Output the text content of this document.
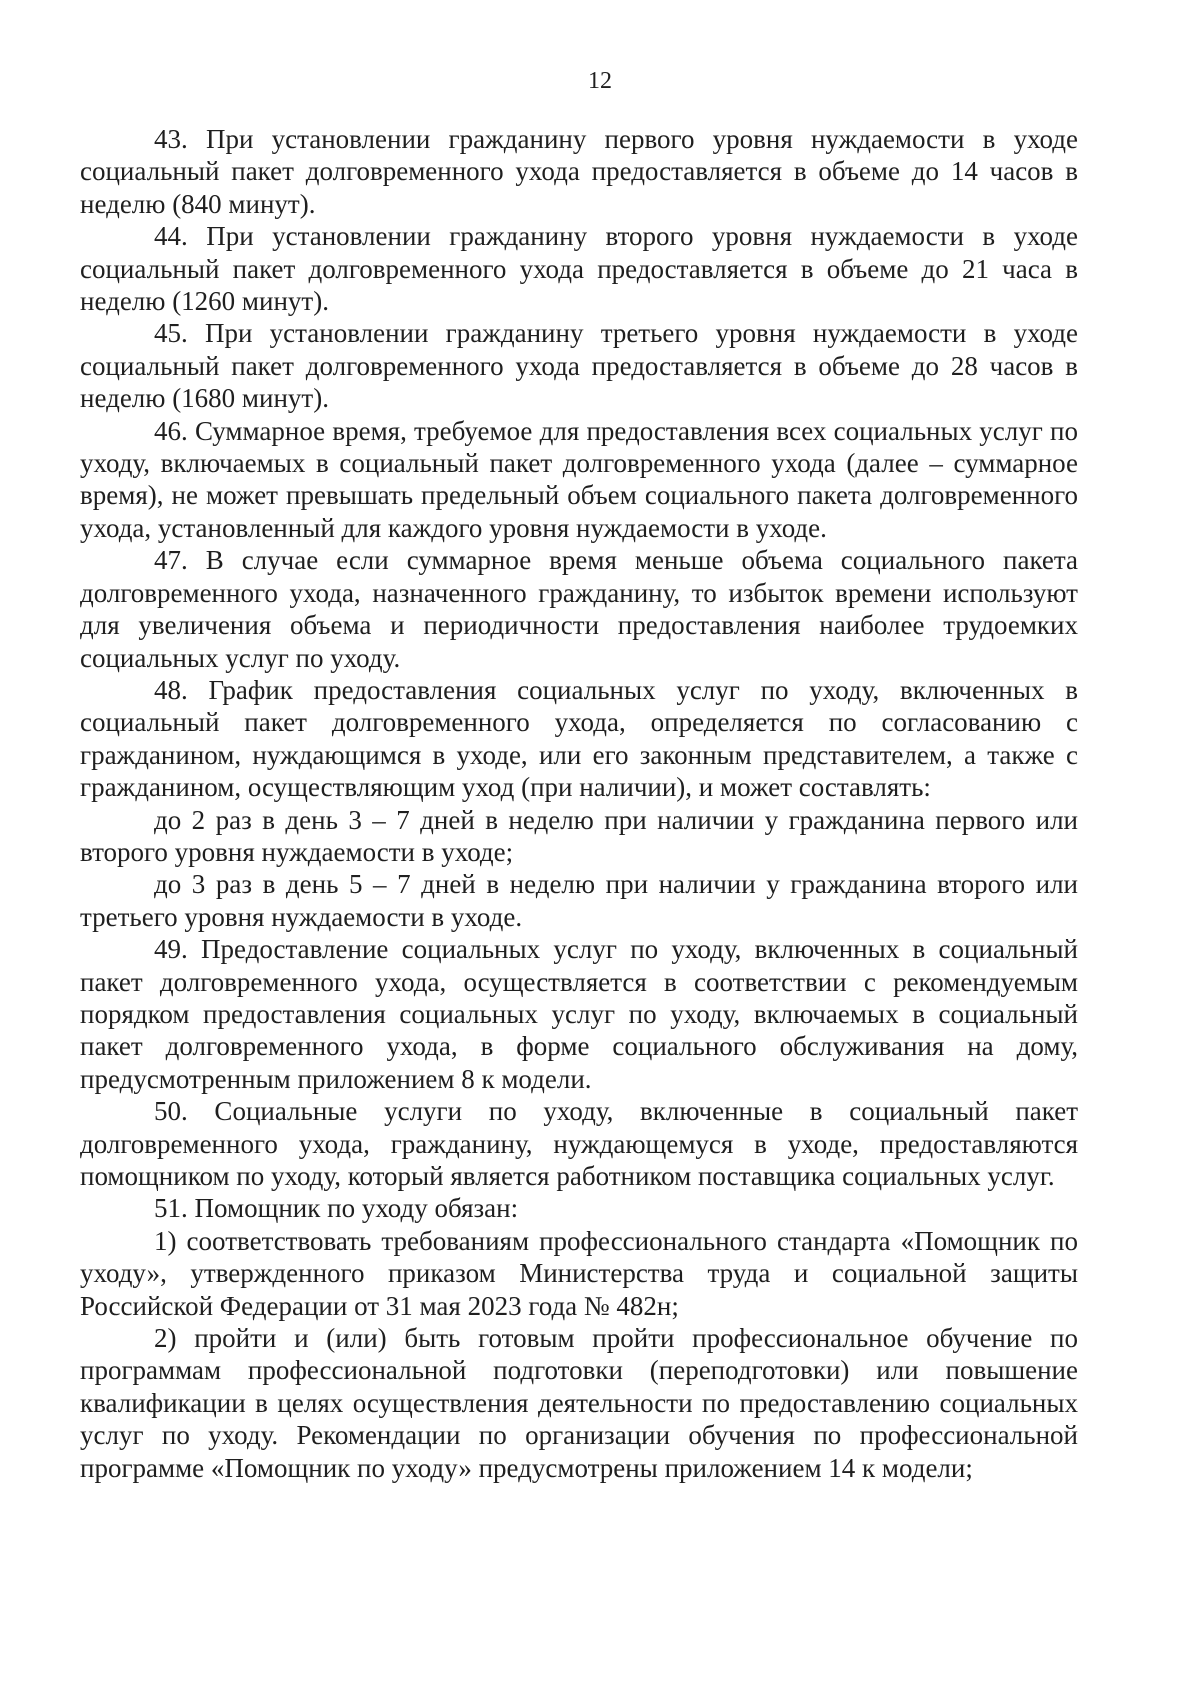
12

43. При установлении гражданину первого уровня нуждаемости в уходе социальный пакет долговременного ухода предоставляется в объеме до 14 часов в неделю (840 минут).

44. При установлении гражданину второго уровня нуждаемости в уходе социальный пакет долговременного ухода предоставляется в объеме до 21 часа в неделю (1260 минут).

45. При установлении гражданину третьего уровня нуждаемости в уходе социальный пакет долговременного ухода предоставляется в объеме до 28 часов в неделю (1680 минут).

46. Суммарное время, требуемое для предоставления всех социальных услуг по уходу, включаемых в социальный пакет долговременного ухода (далее – суммарное время), не может превышать предельный объем социального пакета долговременного ухода, установленный для каждого уровня нуждаемости в уходе.

47. В случае если суммарное время меньше объема социального пакета долговременного ухода, назначенного гражданину, то избыток времени используют для увеличения объема и периодичности предоставления наиболее трудоемких социальных услуг по уходу.

48. График предоставления социальных услуг по уходу, включенных в социальный пакет долговременного ухода, определяется по согласованию с гражданином, нуждающимся в уходе, или его законным представителем, а также с гражданином, осуществляющим уход (при наличии), и может составлять:

до 2 раз в день 3 – 7 дней в неделю при наличии у гражданина первого или второго уровня нуждаемости в уходе;

до 3 раз в день 5 – 7 дней в неделю при наличии у гражданина второго или третьего уровня нуждаемости в уходе.

49. Предоставление социальных услуг по уходу, включенных в социальный пакет долговременного ухода, осуществляется в соответствии с рекомендуемым порядком предоставления социальных услуг по уходу, включаемых в социальный пакет долговременного ухода, в форме социального обслуживания на дому, предусмотренным приложением 8 к модели.

50. Социальные услуги по уходу, включенные в социальный пакет долговременного ухода, гражданину, нуждающемуся в уходе, предоставляются помощником по уходу, который является работником поставщика социальных услуг.

51. Помощник по уходу обязан:

1) соответствовать требованиям профессионального стандарта «Помощник по уходу», утвержденного приказом Министерства труда и социальной защиты Российской Федерации от 31 мая 2023 года № 482н;

2) пройти и (или) быть готовым пройти профессиональное обучение по программам профессиональной подготовки (переподготовки) или повышение квалификации в целях осуществления деятельности по предоставлению социальных услуг по уходу. Рекомендации по организации обучения по профессиональной программе «Помощник по уходу» предусмотрены приложением 14 к модели;
